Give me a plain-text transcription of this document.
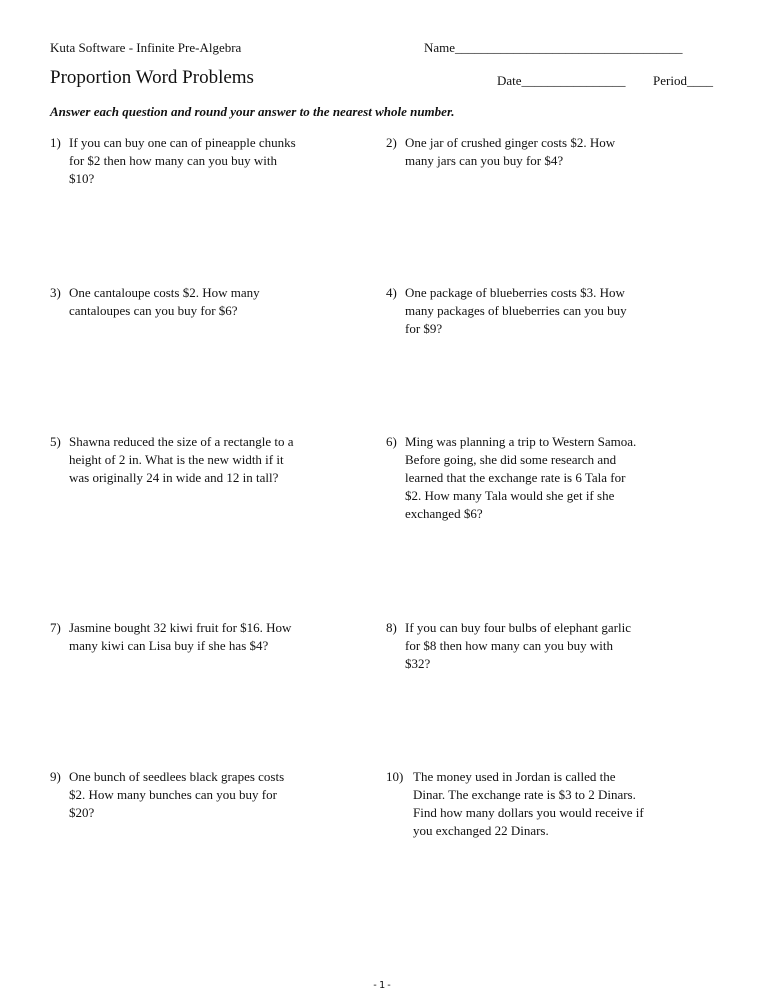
Kuta Software - Infinite Pre-Algebra	Name___________________________________
Proportion Word Problems	Date________________ Period____
Answer each question and round your answer to the nearest whole number.
1) If you can buy one can of pineapple chunks
for $2 then how many can you buy with
$10?
2) One jar of crushed ginger costs $2. How
many jars can you buy for $4?
3) One cantaloupe costs $2. How many
cantaloupes can you buy for $6?
4) One package of blueberries costs $3. How
many packages of blueberries can you buy
for $9?
5) Shawna reduced the size of a rectangle to a
height of 2 in. What is the new width if it
was originally 24 in wide and 12 in tall?
6) Ming was planning a trip to Western Samoa.
Before going, she did some research and
learned that the exchange rate is 6 Tala for
$2. How many Tala would she get if she
exchanged $6?
7) Jasmine bought 32 kiwi fruit for $16. How
many kiwi can Lisa buy if she has $4?
8) If you can buy four bulbs of elephant garlic
for $8 then how many can you buy with
$32?
9) One bunch of seedlees black grapes costs
$2. How many bunches can you buy for
$20?
10) The money used in Jordan is called the
Dinar. The exchange rate is $3 to 2 Dinars.
Find how many dollars you would receive if
you exchanged 22 Dinars.
-1-
